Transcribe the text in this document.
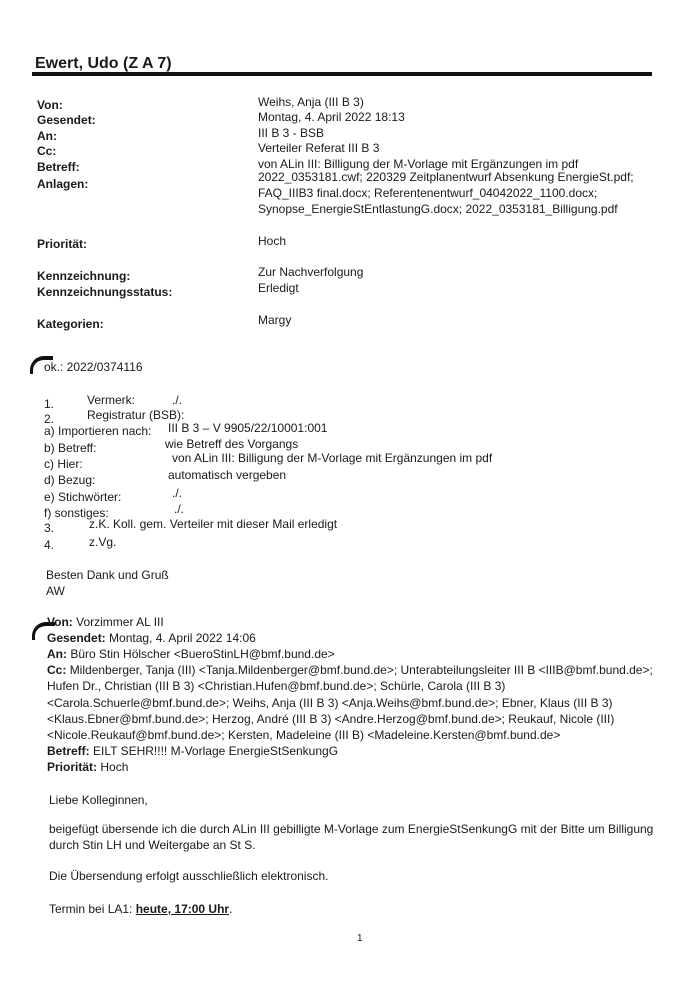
Ewert, Udo (Z A 7)
Von:	Weihs, Anja (III B 3)
Gesendet:	Montag, 4. April 2022 18:13
An:	III B 3 - BSB
Cc:	Verteiler Referat III B 3
Betreff:	von ALin III: Billigung der M-Vorlage mit Ergänzungen im pdf
Anlagen:	2022_0353181.cwf; 220329 Zeitplanentwurf Absenkung EnergieSt.pdf;
FAQ_IIIB3 final.docx; Referentenentwurf_04042022_1100.docx;
Synopse_EnergieStEntlastungG.docx; 2022_0353181_Billigung.pdf
Priorität:	Hoch
Kennzeichnung:	Zur Nachverfolgung
Kennzeichnungsstatus:	Erledigt
Kategorien:	Margy
ok.: 2022/0374116
1.	Vermerk:	./.
2.	Registratur (BSB):
a) Importieren nach: III B 3 – V 9905/22/10001:001
b) Betreff:	wie Betreff des Vorgangs
c) Hier:	von ALin III: Billigung der M-Vorlage mit Ergänzungen im pdf
d) Bezug:	automatisch vergeben
e) Stichwörter:	./.
f) sonstiges:	./.
3.	z.K. Koll. gem. Verteiler mit dieser Mail erledigt
4.	z.Vg.
Besten Dank und Gruß
AW
Von: Vorzimmer AL III
Gesendet: Montag, 4. April 2022 14:06
An: Büro Stin Hölscher <BueroStinLH@bmf.bund.de>
Cc: Mildenberger, Tanja (III) <Tanja.Mildenberger@bmf.bund.de>; Unterabteilungsleiter III B <IIIB@bmf.bund.de>;
Hufen Dr., Christian (III B 3) <Christian.Hufen@bmf.bund.de>; Schürle, Carola (III B 3)
<Carola.Schuerle@bmf.bund.de>; Weihs, Anja (III B 3) <Anja.Weihs@bmf.bund.de>; Ebner, Klaus (III B 3)
<Klaus.Ebner@bmf.bund.de>; Herzog, André (III B 3) <Andre.Herzog@bmf.bund.de>; Reukauf, Nicole (III)
<Nicole.Reukauf@bmf.bund.de>; Kersten, Madeleine (III B) <Madeleine.Kersten@bmf.bund.de>
Betreff: EILT SEHR!!!! M-Vorlage EnergieStSenkungG
Priorität: Hoch
Liebe Kolleginnen,
beigefügt übersende ich die durch ALin III gebilligte M-Vorlage zum EnergieStSenkungG mit der Bitte um Billigung
durch Stin LH und Weitergabe an St S.
Die Übersendung erfolgt ausschließlich elektronisch.
Termin bei LA1: heute, 17:00 Uhr.
1
